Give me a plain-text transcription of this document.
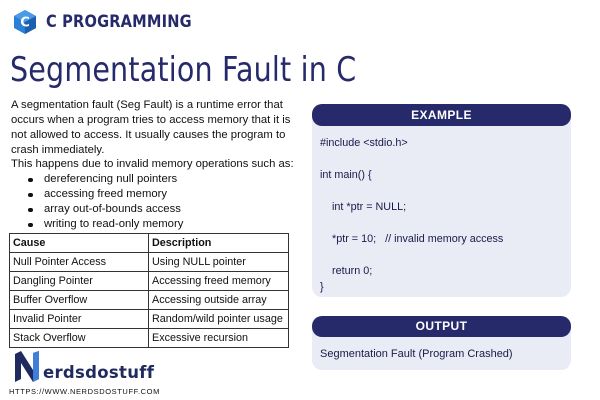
C C PROGRAMMING
Segmentation Fault in C

A segmentation fault (Seg Fault) is a runtime error that occurs when a program tries to access memory that it is not allowed to access. It usually causes the program to crash immediately.

This happens due to invalid memory operations such as:

dereferencing null pointers
accessing freed memory
array out-of-bounds access
writing to read-only memory
Cause	Description
Null Pointer Access	Using NULL pointer
Dangling Pointer	Accessing freed memory
Buffer Overflow	Accessing outside array
Invalid Pointer	Random/wild pointer usage
Stack Overflow	Excessive recursion
EXAMPLE
#include <stdio.h>
int main() {
int *ptr = NULL;
*ptr = 10;   // invalid memory access
return 0;
}
OUTPUT
Segmentation Fault (Program Crashed)
N erdsdostuff
HTTPS://WWW.NERDSDOSTUFF.COM
